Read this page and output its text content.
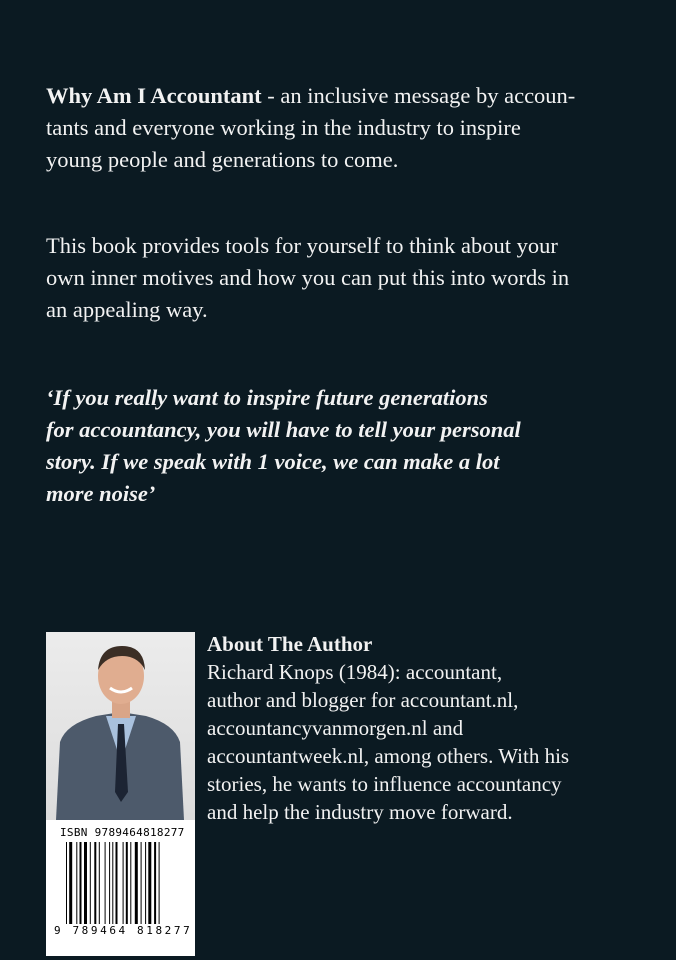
Why Am I Accountant - an inclusive message by accoun-
tants and everyone working in the industry to inspire
young people and generations to come.
This book provides tools for yourself to think about your
own inner motives and how you can put this into words in
an appealing way.
‘If you really want to inspire future generations
for accountancy, you will have to tell your personal
story. If we speak with 1 voice, we can make a lot
more noise’
ISBN 9789464818277
9 789464 818277
About The Author
Richard Knops (1984): accountant,
author and blogger for accountant.nl,
accountancyvanmorgen.nl and
accountantweek.nl, among others. With his
stories, he wants to influence accountancy
and help the industry move forward.
